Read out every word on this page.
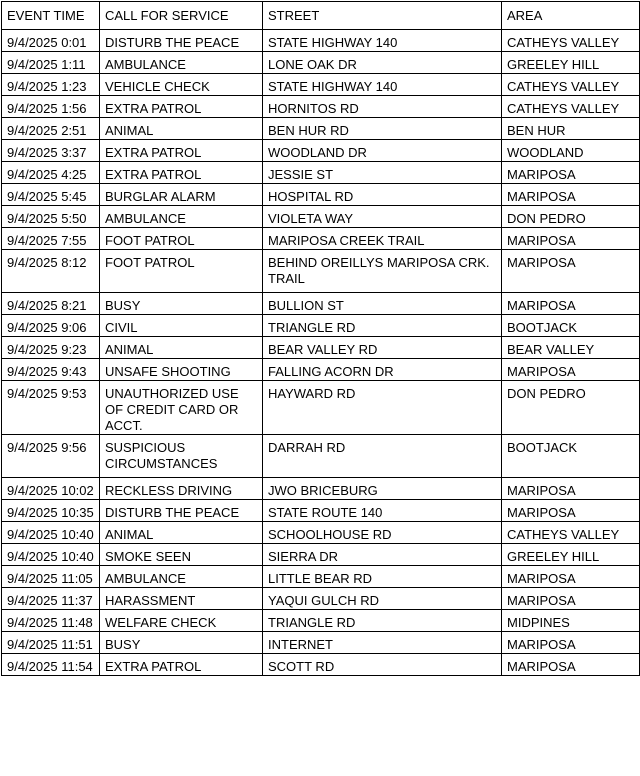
EVENT TIME	CALL FOR SERVICE	STREET	AREA
9/4/2025 0:01	DISTURB THE PEACE	STATE HIGHWAY 140	CATHEYS VALLEY
9/4/2025 1:11	AMBULANCE	LONE OAK DR	GREELEY HILL
9/4/2025 1:23	VEHICLE CHECK	STATE HIGHWAY 140	CATHEYS VALLEY
9/4/2025 1:56	EXTRA PATROL	HORNITOS RD	CATHEYS VALLEY
9/4/2025 2:51	ANIMAL	BEN HUR RD	BEN HUR
9/4/2025 3:37	EXTRA PATROL	WOODLAND DR	WOODLAND
9/4/2025 4:25	EXTRA PATROL	JESSIE ST	MARIPOSA
9/4/2025 5:45	BURGLAR ALARM	HOSPITAL RD	MARIPOSA
9/4/2025 5:50	AMBULANCE	VIOLETA WAY	DON PEDRO
9/4/2025 7:55	FOOT PATROL	MARIPOSA CREEK TRAIL	MARIPOSA
9/4/2025 8:12	FOOT PATROL	BEHIND OREILLYS MARIPOSA CRK. TRAIL	MARIPOSA
9/4/2025 8:21	BUSY	BULLION ST	MARIPOSA
9/4/2025 9:06	CIVIL	TRIANGLE RD	BOOTJACK
9/4/2025 9:23	ANIMAL	BEAR VALLEY RD	BEAR VALLEY
9/4/2025 9:43	UNSAFE SHOOTING	FALLING ACORN DR	MARIPOSA
9/4/2025 9:53	UNAUTHORIZED USE OF CREDIT CARD OR ACCT.	HAYWARD RD	DON PEDRO
9/4/2025 9:56	SUSPICIOUS CIRCUMSTANCES	DARRAH RD	BOOTJACK
9/4/2025 10:02	RECKLESS DRIVING	JWO BRICEBURG	MARIPOSA
9/4/2025 10:35	DISTURB THE PEACE	STATE ROUTE 140	MARIPOSA
9/4/2025 10:40	ANIMAL	SCHOOLHOUSE RD	CATHEYS VALLEY
9/4/2025 10:40	SMOKE SEEN	SIERRA DR	GREELEY HILL
9/4/2025 11:05	AMBULANCE	LITTLE BEAR RD	MARIPOSA
9/4/2025 11:37	HARASSMENT	YAQUI GULCH RD	MARIPOSA
9/4/2025 11:48	WELFARE CHECK	TRIANGLE RD	MIDPINES
9/4/2025 11:51	BUSY	INTERNET	MARIPOSA
9/4/2025 11:54	EXTRA PATROL	SCOTT RD	MARIPOSA
